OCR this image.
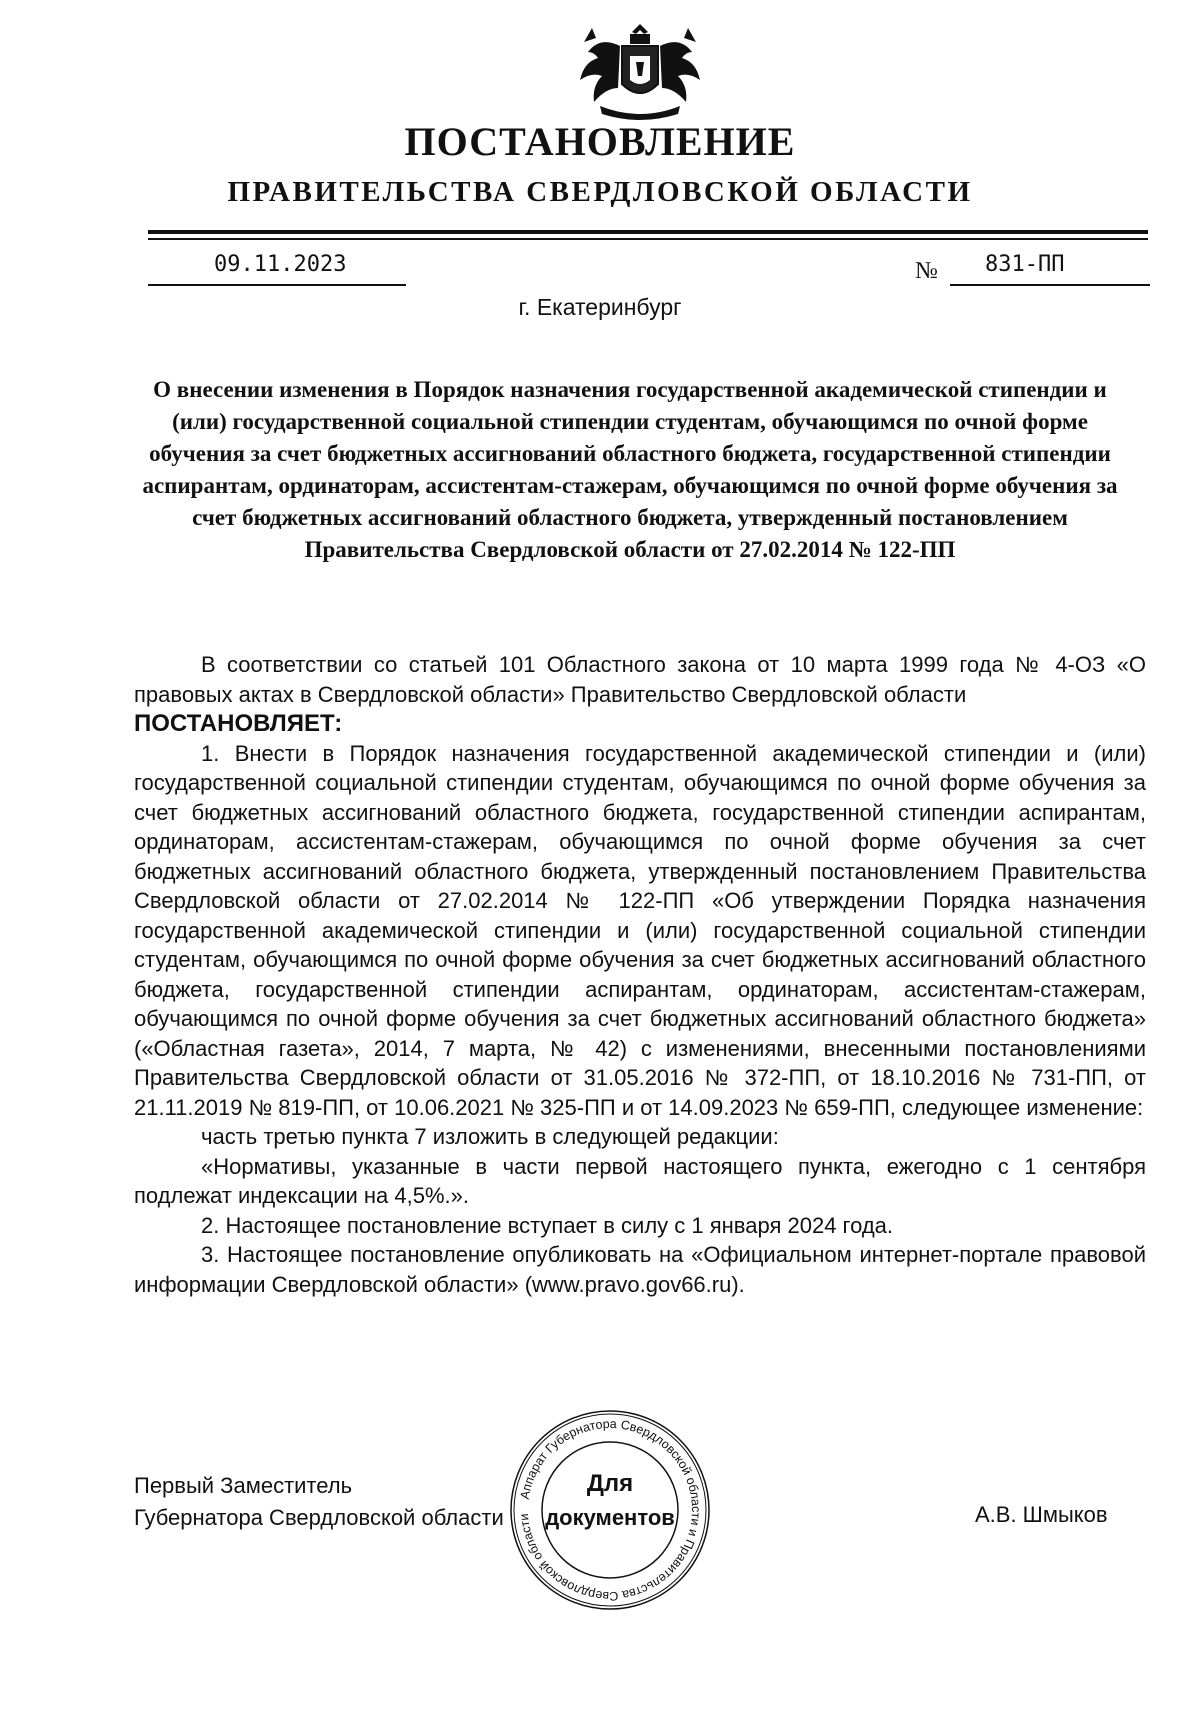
ПОСТАНОВЛЕНИЕ
ПРАВИТЕЛЬСТВА СВЕРДЛОВСКОЙ ОБЛАСТИ
09.11.2023	№ 831-ПП
г. Екатеринбург
О внесении изменения в Порядок назначения государственной академической стипендии и (или) государственной социальной стипендии студентам, обучающимся по очной форме обучения за счет бюджетных ассигнований областного бюджета, государственной стипендии аспирантам, ординаторам, ассистентам-стажерам, обучающимся по очной форме обучения за счет бюджетных ассигнований областного бюджета, утвержденный постановлением Правительства Свердловской области от 27.02.2014 № 122-ПП

В соответствии со статьей 101 Областного закона от 10 марта 1999 года № 4-ОЗ «О правовых актах в Свердловской области» Правительство Свердловской области

ПОСТАНОВЛЯЕТ:

1. Внести в Порядок назначения государственной академической стипендии и (или) государственной социальной стипендии студентам, обучающимся по очной форме обучения за счет бюджетных ассигнований областного бюджета, государственной стипендии аспирантам, ординаторам, ассистентам-стажерам, обучающимся по очной форме обучения за счет бюджетных ассигнований областного бюджета, утвержденный постановлением Правительства Свердловской области от 27.02.2014 № 122-ПП «Об утверждении Порядка назначения государственной академической стипендии и (или) государственной социальной стипендии студентам, обучающимся по очной форме обучения за счет бюджетных ассигнований областного бюджета, государственной стипендии аспирантам, ординаторам, ассистентам-стажерам, обучающимся по очной форме обучения за счет бюджетных ассигнований областного бюджета» («Областная газета», 2014, 7 марта, № 42) с изменениями, внесенными постановлениями Правительства Свердловской области от 31.05.2016 № 372-ПП, от 18.10.2016 № 731-ПП, от 21.11.2019 № 819-ПП, от 10.06.2021 № 325-ПП и от 14.09.2023 № 659-ПП, следующее изменение:

часть третью пункта 7 изложить в следующей редакции:

«Нормативы, указанные в части первой настоящего пункта, ежегодно с 1 сентября подлежат индексации на 4,5%.».

2. Настоящее постановление вступает в силу с 1 января 2024 года.

3. Настоящее постановление опубликовать на «Официальном интернет-портале правовой информации Свердловской области» (www.pravo.gov66.ru).

Первый Заместитель
Губернатора Свердловской области	А.В. Шмыков
Аппарат Губернатора Свердловской области и Правительства Свердловской области
Для
документов
